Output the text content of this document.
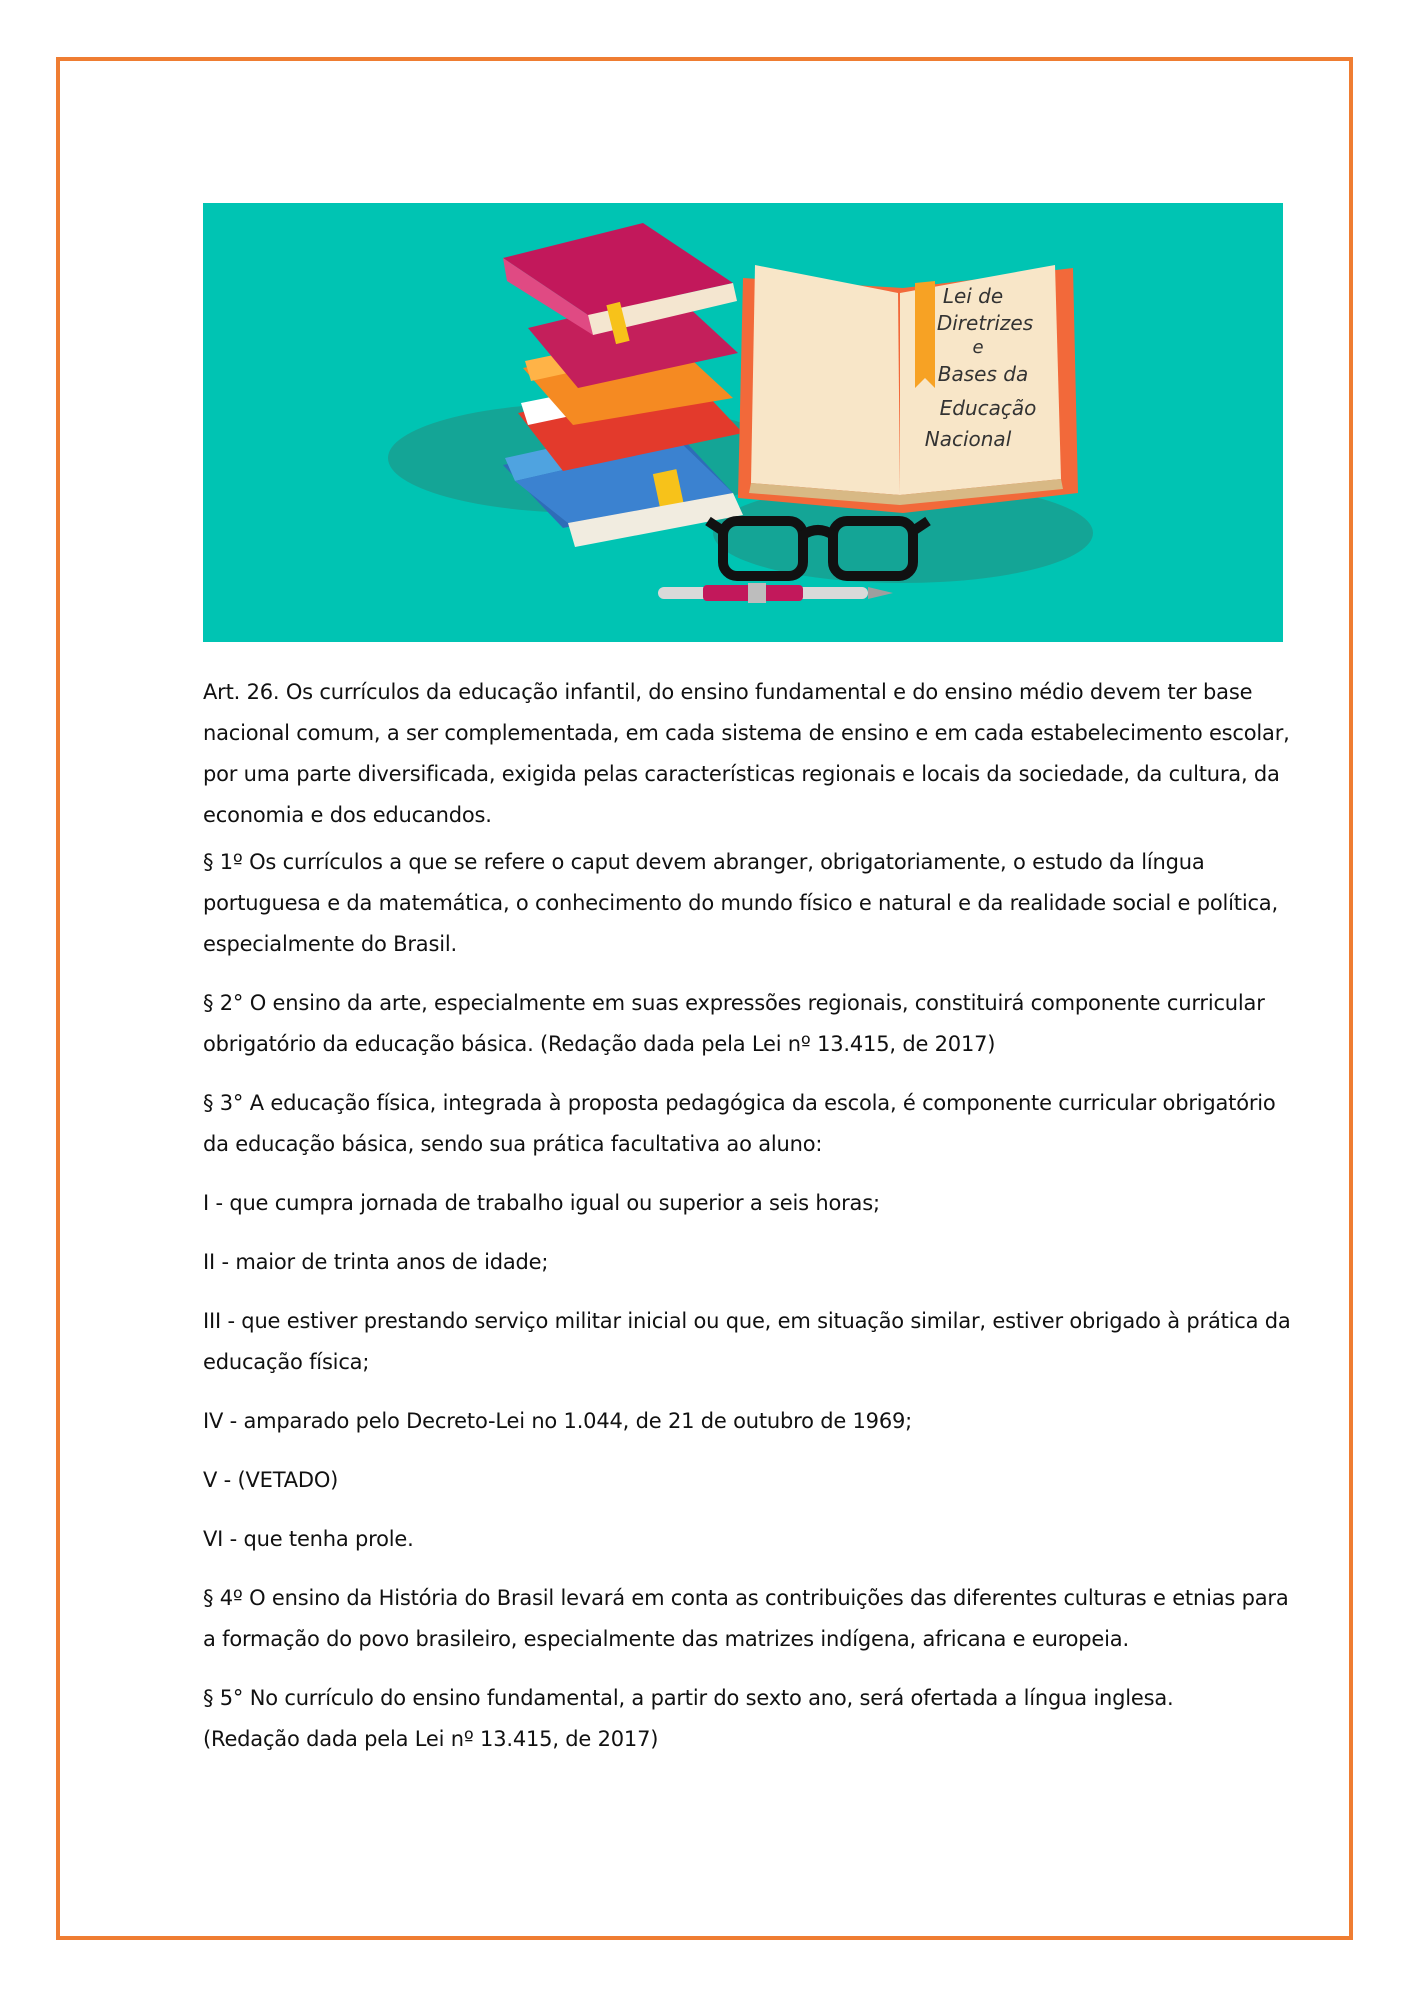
Lei de
Diretrizes
e
Bases da
Educação
Nacional

Art. 26. Os currículos da educação infantil, do ensino fundamental e do ensino médio devem ter base nacional comum, a ser complementada, em cada sistema de ensino e em cada estabelecimento escolar, por uma parte diversificada, exigida pelas características regionais e locais da sociedade, da cultura, da economia e dos educandos.

§ 1º Os currículos a que se refere o caput devem abranger, obrigatoriamente, o estudo da língua portuguesa e da matemática, o conhecimento do mundo físico e natural e da realidade social e política, especialmente do Brasil.

§ 2° O ensino da arte, especialmente em suas expressões regionais, constituirá componente curricular obrigatório da educação básica. (Redação dada pela Lei nº 13.415, de 2017)

§ 3° A educação física, integrada à proposta pedagógica da escola, é componente curricular obrigatório da educação básica, sendo sua prática facultativa ao aluno:

I - que cumpra jornada de trabalho igual ou superior a seis horas;

II - maior de trinta anos de idade;

III - que estiver prestando serviço militar inicial ou que, em situação similar, estiver obrigado à prática da educação física;

IV - amparado pelo Decreto-Lei no 1.044, de 21 de outubro de 1969;

V - (VETADO)

VI - que tenha prole.

§ 4º O ensino da História do Brasil levará em conta as contribuições das diferentes culturas e etnias para a formação do povo brasileiro, especialmente das matrizes indígena, africana e europeia.

§ 5° No currículo do ensino fundamental, a partir do sexto ano, será ofertada a língua inglesa.
(Redação dada pela Lei nº 13.415, de 2017)
